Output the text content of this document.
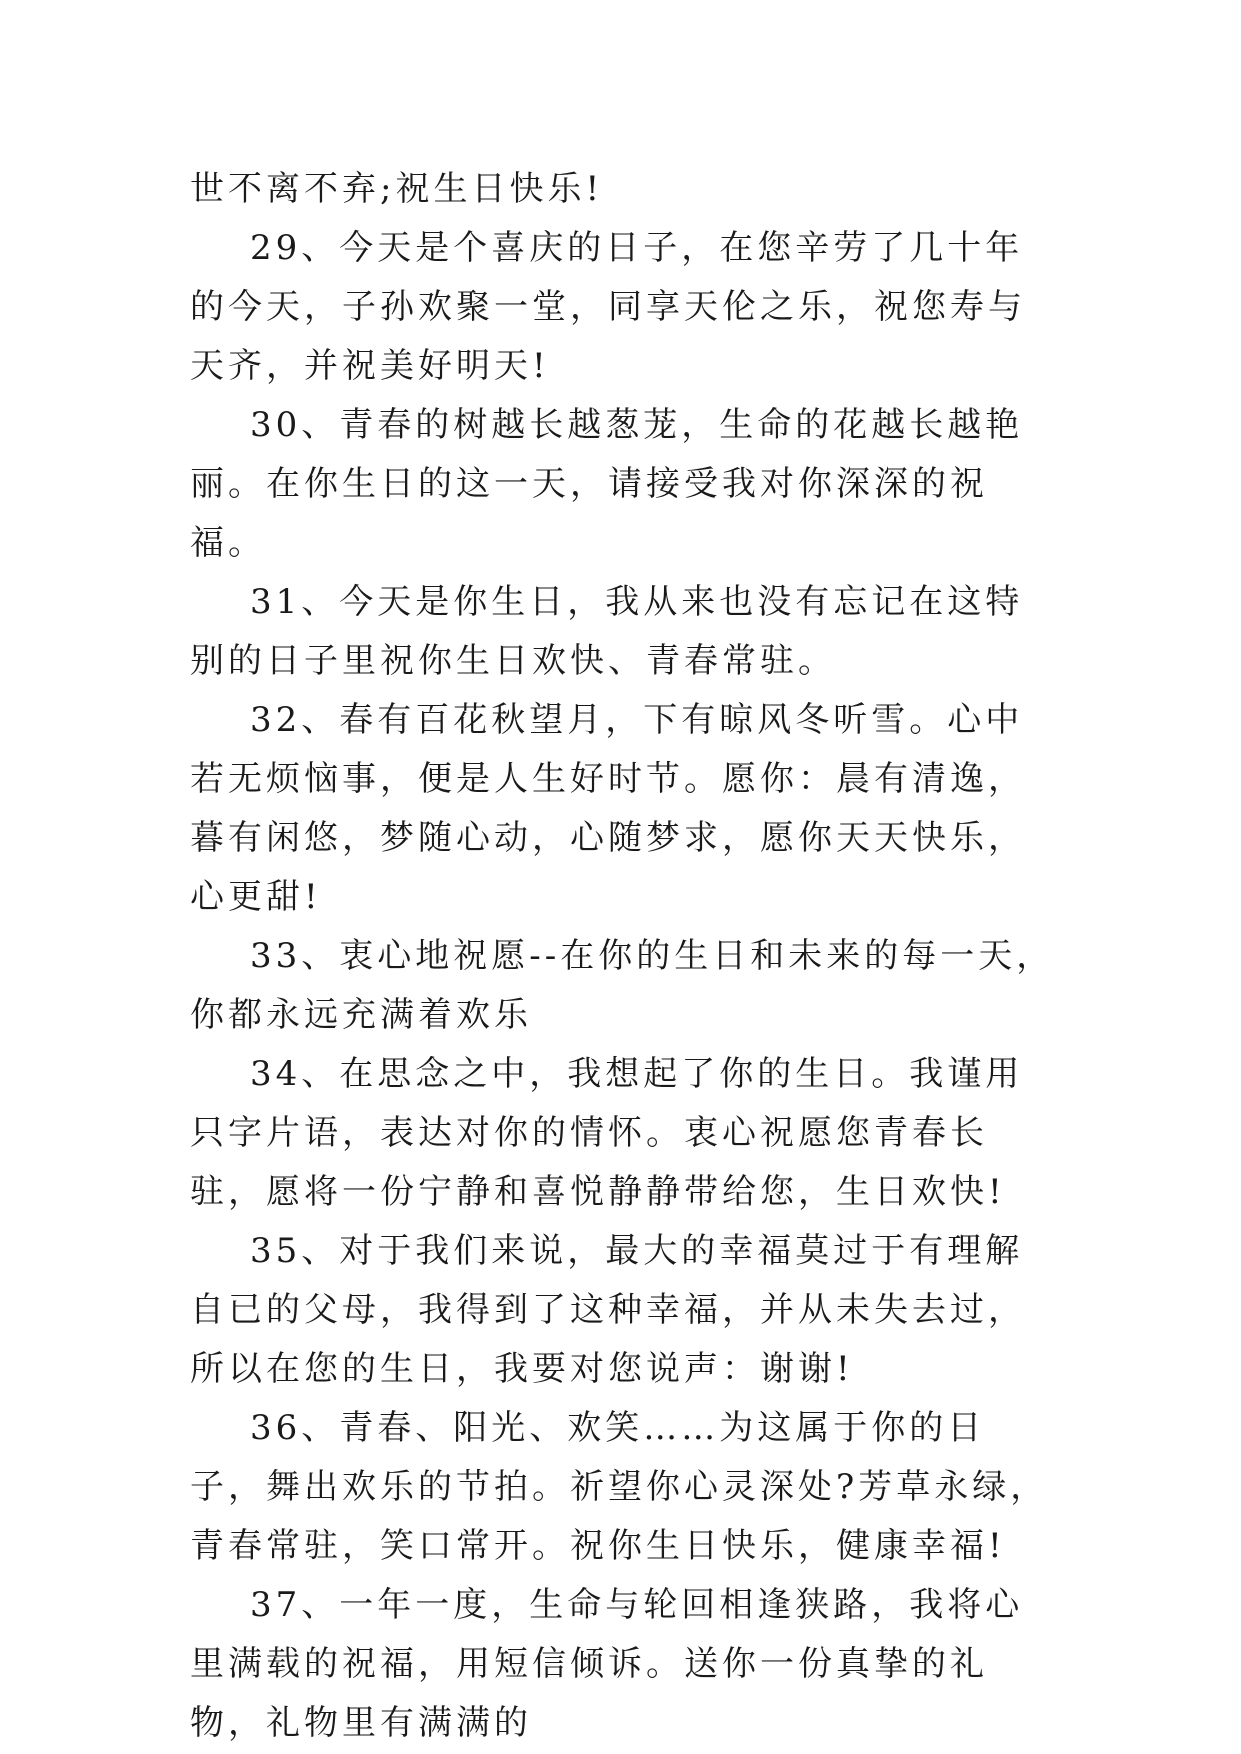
世不离不弃;祝生日快乐!

29、今天是个喜庆的日子，在您辛劳了几十年的今天，子孙欢聚一堂，同享天伦之乐，祝您寿与天齐，并祝美好明天!

30、青春的树越长越葱茏，生命的花越长越艳丽。在你生日的这一天，请接受我对你深深的祝福。

31、今天是你生日，我从来也没有忘记在这特别的日子里祝你生日欢快、青春常驻。

32、春有百花秋望月，下有晾风冬听雪。心中若无烦恼事，便是人生好时节。愿你：晨有清逸，暮有闲悠，梦随心动，心随梦求，愿你天天快乐，心更甜!

33、衷心地祝愿--在你的生日和未来的每一天，你都永远充满着欢乐

34、在思念之中，我想起了你的生日。我谨用只字片语，表达对你的情怀。衷心祝愿您青春长驻，愿将一份宁静和喜悦静静带给您，生日欢快!

35、对于我们来说，最大的幸福莫过于有理解自已的父母，我得到了这种幸福，并从未失去过，所以在您的生日，我要对您说声：谢谢!

36、青春、阳光、欢笑……为这属于你的日子，舞出欢乐的节拍。祈望你心灵深处?芳草永绿，青春常驻，笑口常开。祝你生日快乐，健康幸福!

37、一年一度，生命与轮回相逢狭路，我将心里满载的祝福，用短信倾诉。送你一份真挚的礼物，礼物里有满满的
